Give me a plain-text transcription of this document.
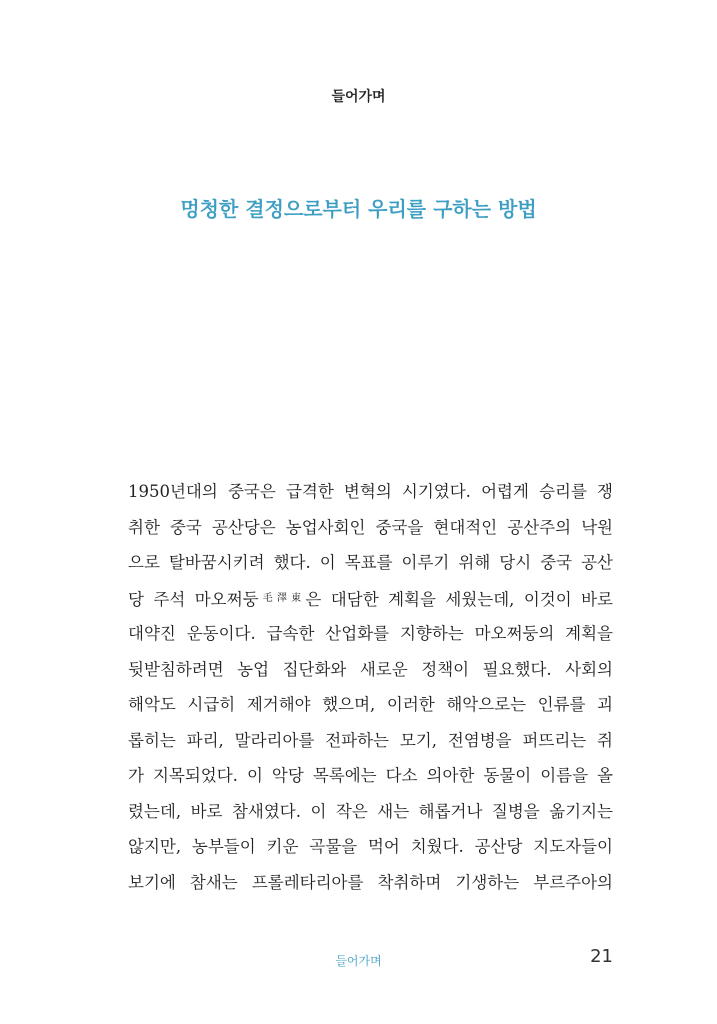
들어가며
멍청한 결정으로부터 우리를 구하는 방법
1950년대의 중국은 급격한 변혁의 시기였다. 어렵게 승리를 쟁
취한 중국 공산당은 농업사회인 중국을 현대적인 공산주의 낙원
으로 탈바꿈시키려 했다. 이 목표를 이루기 위해 당시 중국 공산
당 주석 마오쩌둥$^{毛澤東}$은 대담한 계획을 세웠는데, 이것이 바로
대약진 운동이다. 급속한 산업화를 지향하는 마오쩌둥의 계획을
뒷받침하려면 농업 집단화와 새로운 정책이 필요했다. 사회의
해악도 시급히 제거해야 했으며, 이러한 해악으로는 인류를 괴
롭히는 파리, 말라리아를 전파하는 모기, 전염병을 퍼뜨리는 쥐
가 지목되었다. 이 악당 목록에는 다소 의아한 동물이 이름을 올
렸는데, 바로 참새였다. 이 작은 새는 해롭거나 질병을 옮기지는
않지만, 농부들이 키운 곡물을 먹어 치웠다. 공산당 지도자들이
보기에 참새는 프롤레타리아를 착취하며 기생하는 부르주아의
들어가며	21
